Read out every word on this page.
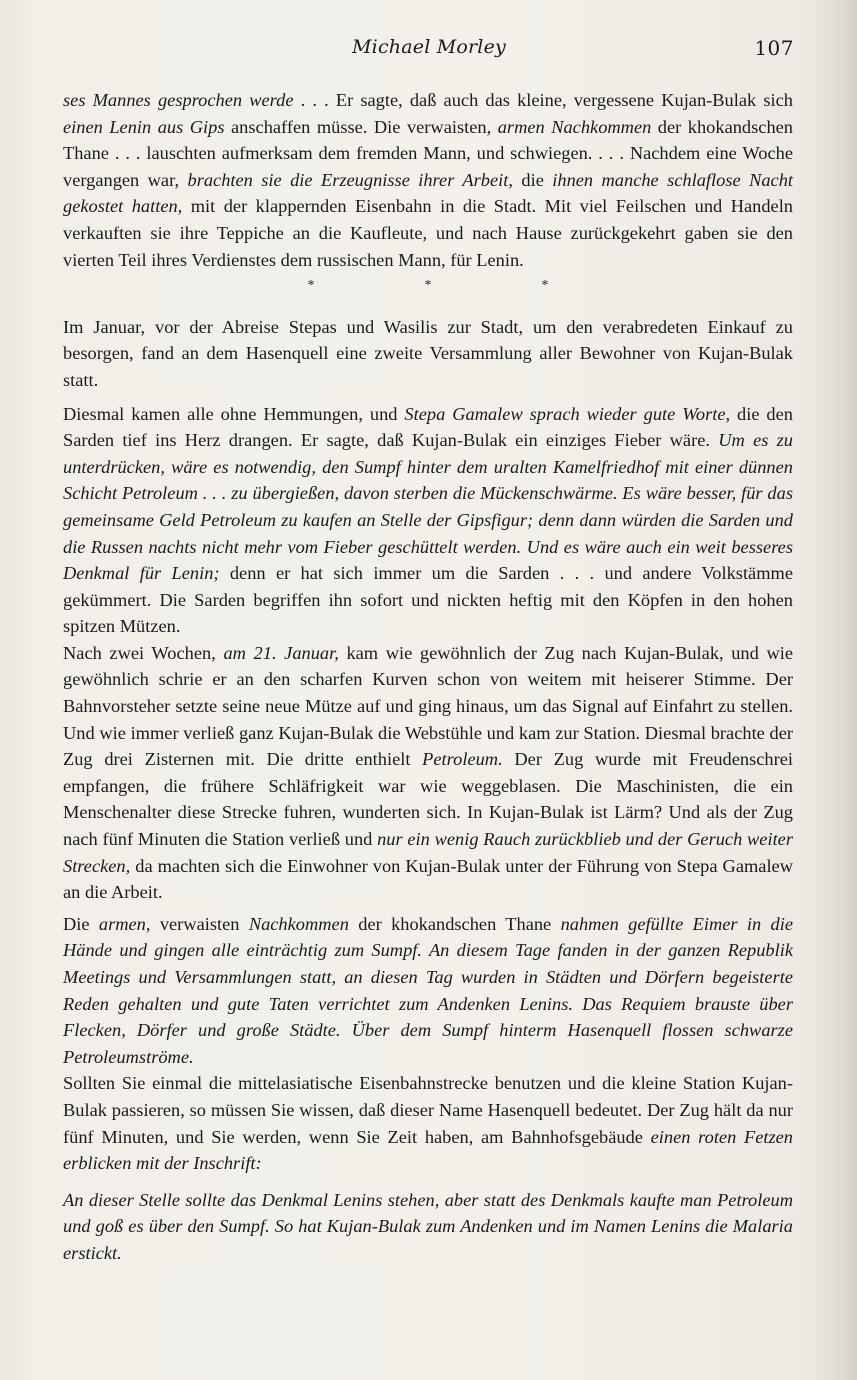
Michael Morley	107

ses Mannes gesprochen werde . . . Er sagte, daß auch das kleine, vergessene Kujan-Bulak sich einen Lenin aus Gips anschaffen müsse. Die verwaisten, armen Nachkommen der khokandschen Thane . . . lauschten aufmerksam dem fremden Mann, und schwiegen. . . . Nachdem eine Woche vergangen war, brachten sie die Erzeugnisse ihrer Arbeit, die ihnen manche schlaflose Nacht gekostet hatten, mit der klappernden Eisenbahn in die Stadt. Mit viel Feilschen und Handeln verkauften sie ihre Teppiche an die Kaufleute, und nach Hause zurückgekehrt gaben sie den vierten Teil ihres Verdienstes dem russischen Mann, für Lenin.

*	*	*

Im Januar, vor der Abreise Stepas und Wasilis zur Stadt, um den verabredeten Einkauf zu besorgen, fand an dem Hasenquell eine zweite Versammlung aller Bewohner von Kujan-Bulak statt.

Diesmal kamen alle ohne Hemmungen, und Stepa Gamalew sprach wieder gute Worte, die den Sarden tief ins Herz drangen. Er sagte, daß Kujan-Bulak ein einziges Fieber wäre. Um es zu unterdrücken, wäre es notwendig, den Sumpf hinter dem uralten Kamelfriedhof mit einer dünnen Schicht Petroleum . . . zu übergießen, davon sterben die Mückenschwärme. Es wäre besser, für das gemeinsame Geld Petroleum zu kaufen an Stelle der Gipsfigur; denn dann würden die Sarden und die Russen nachts nicht mehr vom Fieber geschüttelt werden. Und es wäre auch ein weit besseres Denkmal für Lenin; denn er hat sich immer um die Sarden . . . und andere Volkstämme gekümmert. Die Sarden begriffen ihn sofort und nickten heftig mit den Köpfen in den hohen spitzen Mützen.

Nach zwei Wochen, am 21. Januar, kam wie gewöhnlich der Zug nach Kujan-Bulak, und wie gewöhnlich schrie er an den scharfen Kurven schon von weitem mit heiserer Stimme. Der Bahnvorsteher setzte seine neue Mütze auf und ging hinaus, um das Signal auf Einfahrt zu stellen. Und wie immer verließ ganz Kujan-Bulak die Webstühle und kam zur Station. Diesmal brachte der Zug drei Zisternen mit. Die dritte enthielt Petroleum. Der Zug wurde mit Freudenschrei empfangen, die frühere Schläfrigkeit war wie weggeblasen. Die Maschinisten, die ein Menschenalter diese Strecke fuhren, wunderten sich. In Kujan-Bulak ist Lärm? Und als der Zug nach fünf Minuten die Station verließ und nur ein wenig Rauch zurückblieb und der Geruch weiter Strecken, da machten sich die Einwohner von Kujan-Bulak unter der Führung von Stepa Gamalew an die Arbeit.

Die armen, verwaisten Nachkommen der khokandschen Thane nahmen gefüllte Eimer in die Hände und gingen alle einträchtig zum Sumpf. An diesem Tage fanden in der ganzen Republik Meetings und Versammlungen statt, an diesen Tag wurden in Städten und Dörfern begeisterte Reden gehalten und gute Taten verrichtet zum Andenken Lenins. Das Requiem brauste über Flecken, Dörfer und große Städte. Über dem Sumpf hinterm Hasenquell flossen schwarze Petroleumströme.

Sollten Sie einmal die mittelasiatische Eisenbahnstrecke benutzen und die kleine Station Kujan-Bulak passieren, so müssen Sie wissen, daß dieser Name Hasenquell bedeutet. Der Zug hält da nur fünf Minuten, und Sie werden, wenn Sie Zeit haben, am Bahnhofsgebäude einen roten Fetzen erblicken mit der Inschrift:

An dieser Stelle sollte das Denkmal Lenins stehen, aber statt des Denkmals kaufte man Petroleum und goß es über den Sumpf. So hat Kujan-Bulak zum Andenken und im Namen Lenins die Malaria erstickt.
